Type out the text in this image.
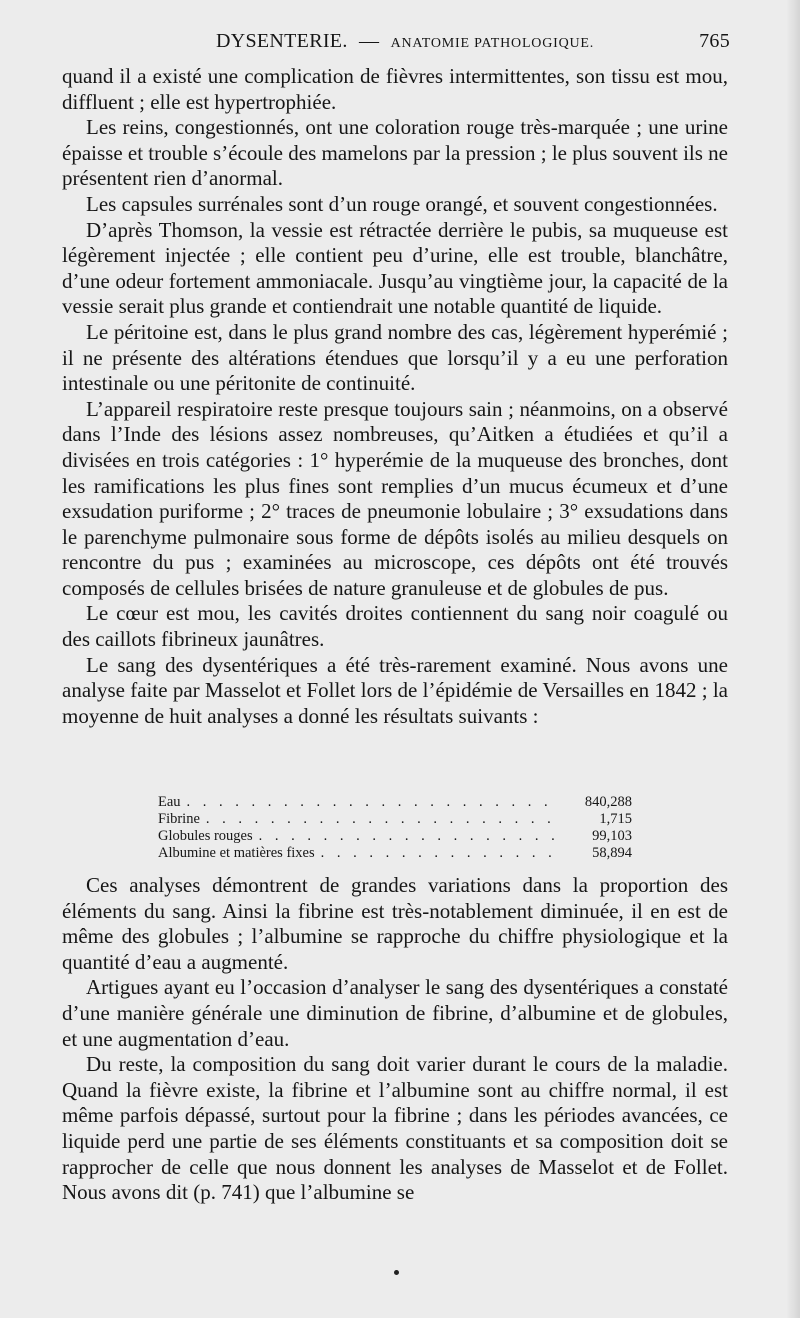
DYSENTERIE. — ANATOMIE PATHOLOGIQUE.	765

quand il a existé une complication de fièvres intermittentes, son tissu est mou, diffluent ; elle est hypertrophiée.

Les reins, congestionnés, ont une coloration rouge très-marquée ; une urine épaisse et trouble s’écoule des mamelons par la pression ; le plus souvent ils ne présentent rien d’anormal.

Les capsules surrénales sont d’un rouge orangé, et souvent congestionnées.

D’après Thomson, la vessie est rétractée derrière le pubis, sa muqueuse est légèrement injectée ; elle contient peu d’urine, elle est trouble, blanchâtre, d’une odeur fortement ammoniacale. Jusqu’au vingtième jour, la capacité de la vessie serait plus grande et contiendrait une notable quantité de liquide.

Le péritoine est, dans le plus grand nombre des cas, légèrement hyperémié ; il ne présente des altérations étendues que lorsqu’il y a eu une perforation intestinale ou une péritonite de continuité.

L’appareil respiratoire reste presque toujours sain ; néanmoins, on a observé dans l’Inde des lésions assez nombreuses, qu’Aitken a étudiées et qu’il a divisées en trois catégories : 1° hyperémie de la muqueuse des bronches, dont les ramifications les plus fines sont remplies d’un mucus écumeux et d’une exsudation puriforme ; 2° traces de pneumonie lobulaire ; 3° exsudations dans le parenchyme pulmonaire sous forme de dépôts isolés au milieu desquels on rencontre du pus ; examinées au microscope, ces dépôts ont été trouvés composés de cellules brisées de nature granuleuse et de globules de pus.

Le cœur est mou, les cavités droites contiennent du sang noir coagulé ou des caillots fibrineux jaunâtres.

Le sang des dysentériques a été très-rarement examiné. Nous avons une analyse faite par Masselot et Follet lors de l’épidémie de Versailles en 1842 ; la moyenne de huit analyses a donné les résultats suivants :

Eau . . .	840,288
Fibrine . . .	1,715
Globules rouges . . .	99,103
Albumine et matières fixes . . .	58,894

Ces analyses démontrent de grandes variations dans la proportion des éléments du sang. Ainsi la fibrine est très-notablement diminuée, il en est de même des globules ; l’albumine se rapproche du chiffre physiologique et la quantité d’eau a augmenté.

Artigues ayant eu l’occasion d’analyser le sang des dysentériques a constaté d’une manière générale une diminution de fibrine, d’albumine et de globules, et une augmentation d’eau.

Du reste, la composition du sang doit varier durant le cours de la maladie. Quand la fièvre existe, la fibrine et l’albumine sont au chiffre normal, il est même parfois dépassé, surtout pour la fibrine ; dans les périodes avancées, ce liquide perd une partie de ses éléments constituants et sa composition doit se rapprocher de celle que nous donnent les analyses de Masselot et de Follet. Nous avons dit (p. 741) que l’albumine se
